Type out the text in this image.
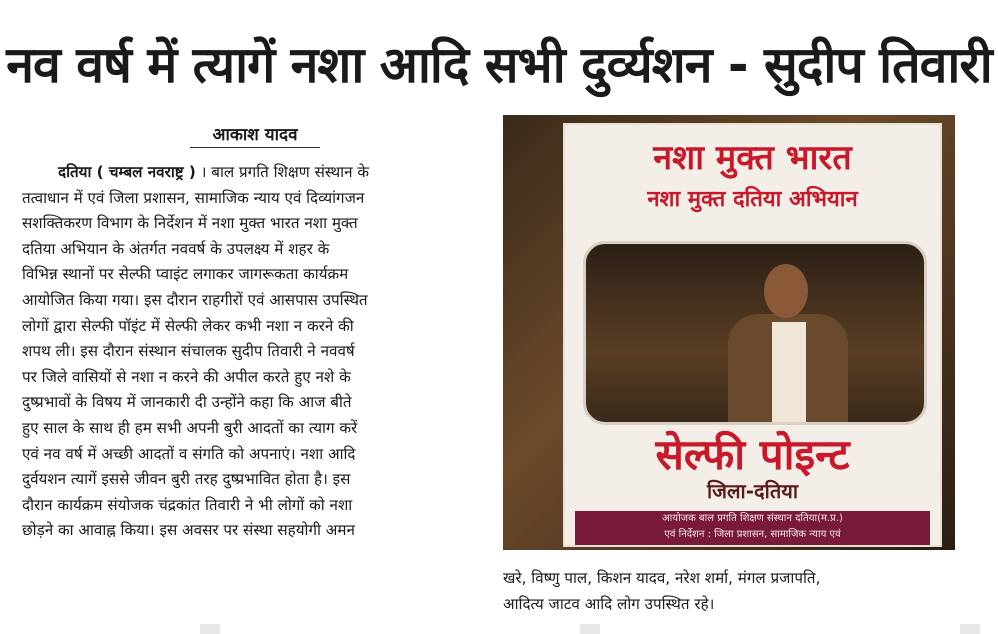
नव वर्ष में त्यागें नशा आदि सभी दुर्व्यशन - सुदीप तिवारी
आकाश यादव
दतिया ( चम्बल नवराष्ट्र ) । बाल प्रगति शिक्षण संस्थान के
तत्वाधान में एवं जिला प्रशासन, सामाजिक न्याय एवं दिव्यांगजन
सशक्तिकरण विभाग के निर्देशन में नशा मुक्त भारत नशा मुक्त
दतिया अभियान के अंतर्गत नववर्ष के उपलक्ष्य में शहर के
विभिन्न स्थानों पर सेल्फी प्वाइंट लगाकर जागरूकता कार्यक्रम
आयोजित किया गया। इस दौरान राहगीरों एवं आसपास उपस्थित
लोगों द्वारा सेल्फी पॉइंट में सेल्फी लेकर कभी नशा न करने की
शपथ ली। इस दौरान संस्थान संचालक सुदीप तिवारी ने नववर्ष
पर जिले वासियों से नशा न करने की अपील करते हुए नशे के
दुष्प्रभावों के विषय में जानकारी दी उन्होंने कहा कि आज बीते
हुए साल के साथ ही हम सभी अपनी बुरी आदतों का त्याग करें
एवं नव वर्ष में अच्छी आदतों व संगति को अपनाएं। नशा आदि
दुर्वयशन त्यागें इससे जीवन बुरी तरह दुष्प्रभावित होता है। इस
दौरान कार्यक्रम संयोजक चंद्रकांत तिवारी ने भी लोगों को नशा
छोड़ने का आवाह्न किया। इस अवसर पर संस्था सहयोगी अमन
नशा मुक्त भारत
नशा मुक्त दतिया अभियान
सेल्फी पोइन्ट
जिला-दतिया
आयोजक बाल प्रगति शिक्षण संस्थान दतिया(म.प्र.)
एवं निर्देशन : जिला प्रशासन, सामाजिक न्याय एवं
खरे, विष्णु पाल, किशन यादव, नरेश शर्मा, मंगल प्रजापति,
आदित्य जाटव आदि लोग उपस्थित रहे।
